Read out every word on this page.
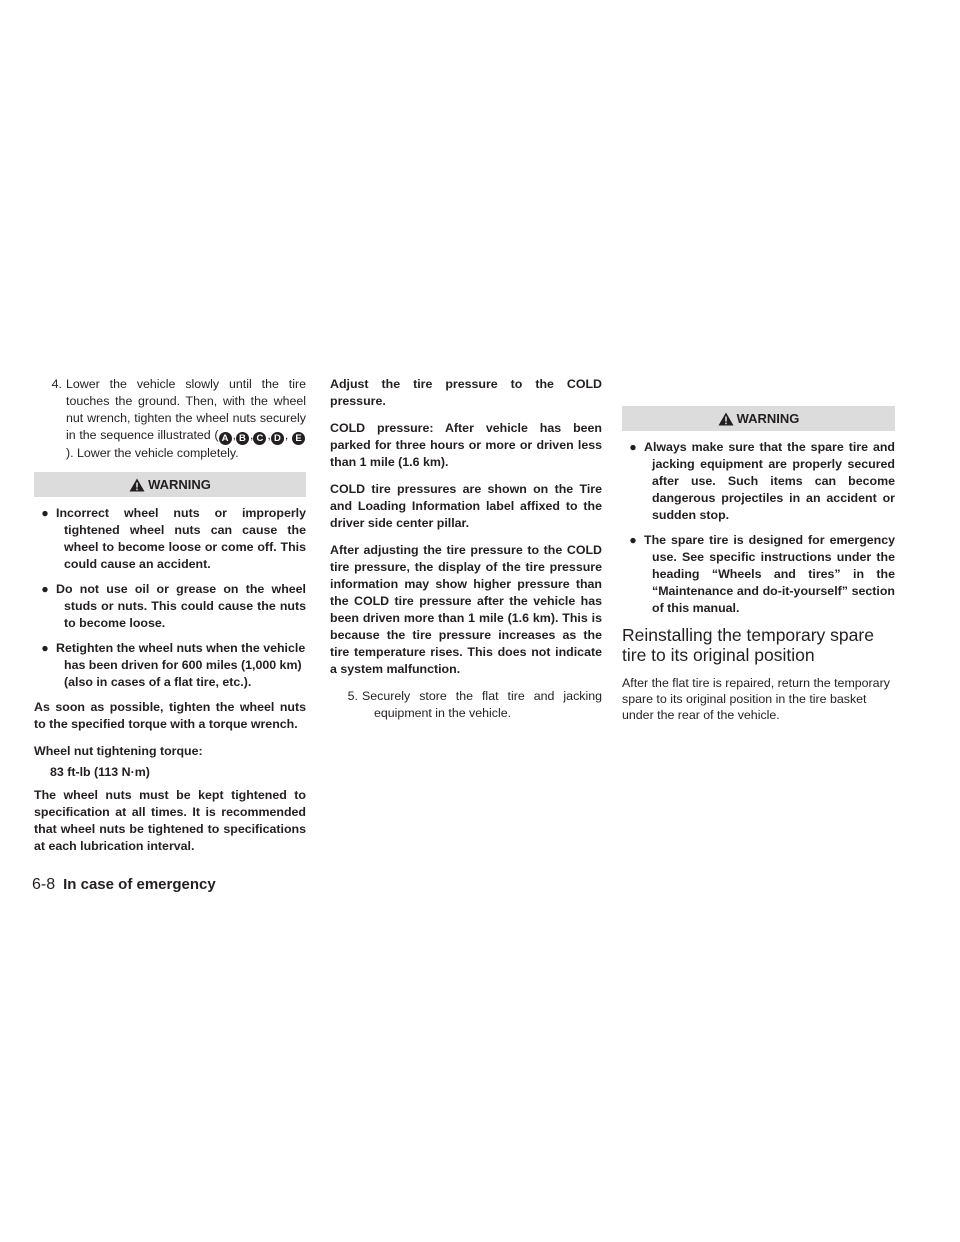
4. Lower the vehicle slowly until the tire touches the ground. Then, with the wheel nut wrench, tighten the wheel nuts securely in the sequence illustrated ( A , B , C , D , E). Lower the vehicle completely.
WARNING
● Incorrect wheel nuts or improperly tightened wheel nuts can cause the wheel to become loose or come off. This could cause an accident.
● Do not use oil or grease on the wheel studs or nuts. This could cause the nuts to become loose.
● Retighten the wheel nuts when the vehicle has been driven for 600 miles (1,000 km) (also in cases of a flat tire, etc.).
As soon as possible, tighten the wheel nuts to the specified torque with a torque wrench.
Wheel nut tightening torque:
83 ft-lb (113 N·m)
The wheel nuts must be kept tightened to specification at all times. It is recommended that wheel nuts be tightened to specifications at each lubrication interval.
Adjust the tire pressure to the COLD pressure.
COLD pressure: After vehicle has been parked for three hours or more or driven less than 1 mile (1.6 km).
COLD tire pressures are shown on the Tire and Loading Information label affixed to the driver side center pillar.
After adjusting the tire pressure to the COLD tire pressure, the display of the tire pressure information may show higher pressure than the COLD tire pressure after the vehicle has been driven more than 1 mile (1.6 km). This is because the tire pressure increases as the tire temperature rises. This does not indicate a system malfunction.
5. Securely store the flat tire and jacking equipment in the vehicle.
WARNING
● Always make sure that the spare tire and jacking equipment are properly secured after use. Such items can become dangerous projectiles in an accident or sudden stop.
● The spare tire is designed for emergency use. See specific instructions under the heading “Wheels and tires” in the “Maintenance and do-it-yourself” section of this manual.
Reinstalling the temporary spare tire to its original position
After the flat tire is repaired, return the temporary spare to its original position in the tire basket under the rear of the vehicle.
6-8 In case of emergency
